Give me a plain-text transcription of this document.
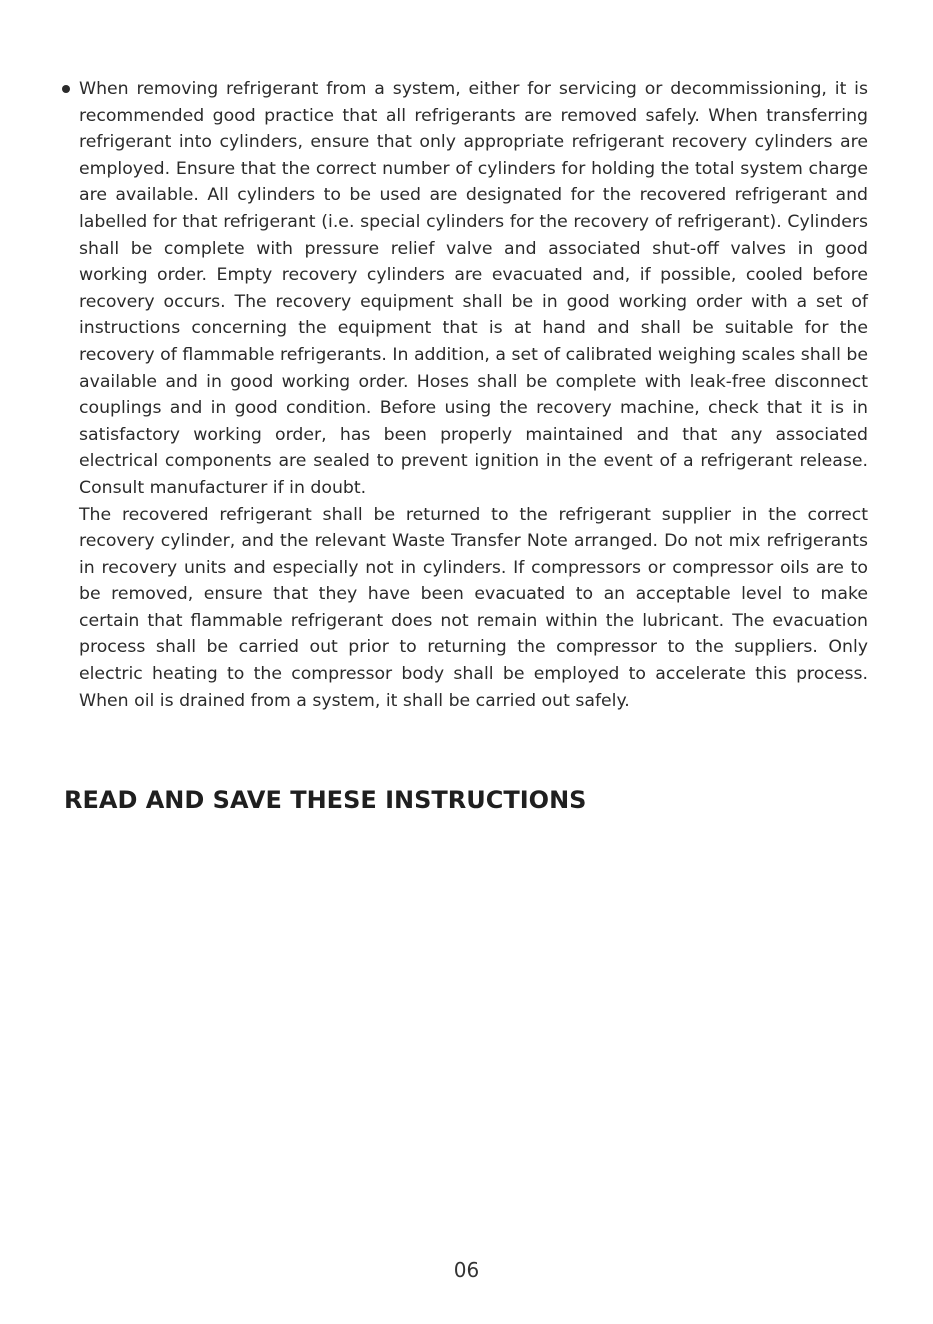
When removing refrigerant from a system, either for servicing or decommissioning, it is recommended good practice that all refrigerants are removed safely. When transferring refrigerant into cylinders, ensure that only appropriate refrigerant recovery cylinders are employed. Ensure that the correct number of cylinders for holding the total system charge are available. All cylinders to be used are designated for the recovered refrigerant and labelled for that refrigerant (i.e. special cylinders for the recovery of refrigerant). Cylinders shall be complete with pressure relief valve and associated shut-off valves in good working order. Empty recovery cylinders are evacuated and, if possible, cooled before recovery occurs. The recovery equipment shall be in good working order with a set of instructions concerning the equipment that is at hand and shall be suitable for the recovery of flammable refrigerants. In addition, a set of calibrated weighing scales shall be available and in good working order. Hoses shall be complete with leak-free disconnect couplings and in good condition. Before using the recovery machine, check that it is in satisfactory working order, has been properly maintained and that any associated electrical components are sealed to prevent ignition in the event of a refrigerant release. Consult manufacturer if in doubt.

The recovered refrigerant shall be returned to the refrigerant supplier in the correct recovery cylinder, and the relevant Waste Transfer Note arranged. Do not mix refrigerants in recovery units and especially not in cylinders. If compressors or compressor oils are to be removed, ensure that they have been evacuated to an acceptable level to make certain that flammable refrigerant does not remain within the lubricant. The evacuation process shall be carried out prior to returning the compressor to the suppliers. Only electric heating to the compressor body shall be employed to accelerate this process. When oil is drained from a system, it shall be carried out safely.

READ AND SAVE THESE INSTRUCTIONS
06
